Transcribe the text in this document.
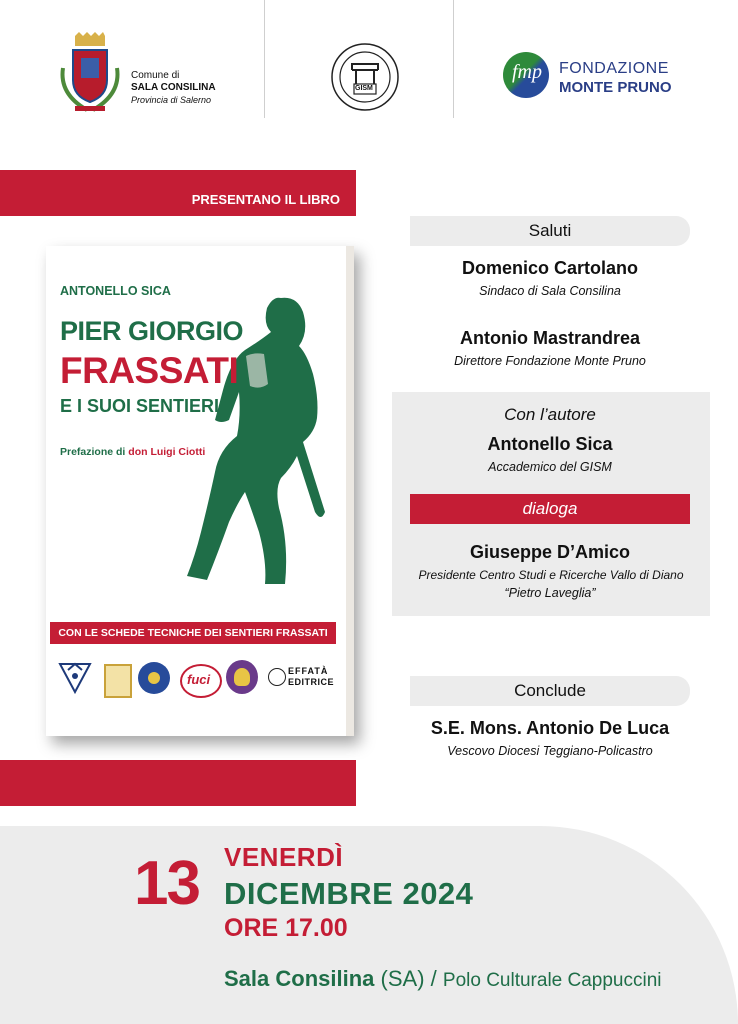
Comune di
SALA CONSILINA
Provincia di Salerno
GISM
fmp FONDAZIONE
MONTE PRUNO
PRESENTANO IL LIBRO
ANTONELLO SICA
PIER GIORGIO
FRASSATI
E I SUOI SENTIERI
Prefazione di don Luigi Ciotti
CON LE SCHEDE TECNICHE DEI SENTIERI FRASSATI
fuci
EFFATÀ
EDITRICE
Saluti
Domenico Cartolano
Sindaco di Sala Consilina
Antonio Mastrandrea
Direttore Fondazione Monte Pruno
Con l’autore
Antonello Sica
Accademico del GISM
dialoga
Giuseppe D’Amico
Presidente Centro Studi e Ricerche Vallo di Diano
“Pietro Laveglia”
Conclude
S.E. Mons. Antonio De Luca
Vescovo Diocesi Teggiano-Policastro
13 VENERDÌ
DICEMBRE 2024
ORE 17.00
Sala Consilina (SA) / Polo Culturale Cappuccini
